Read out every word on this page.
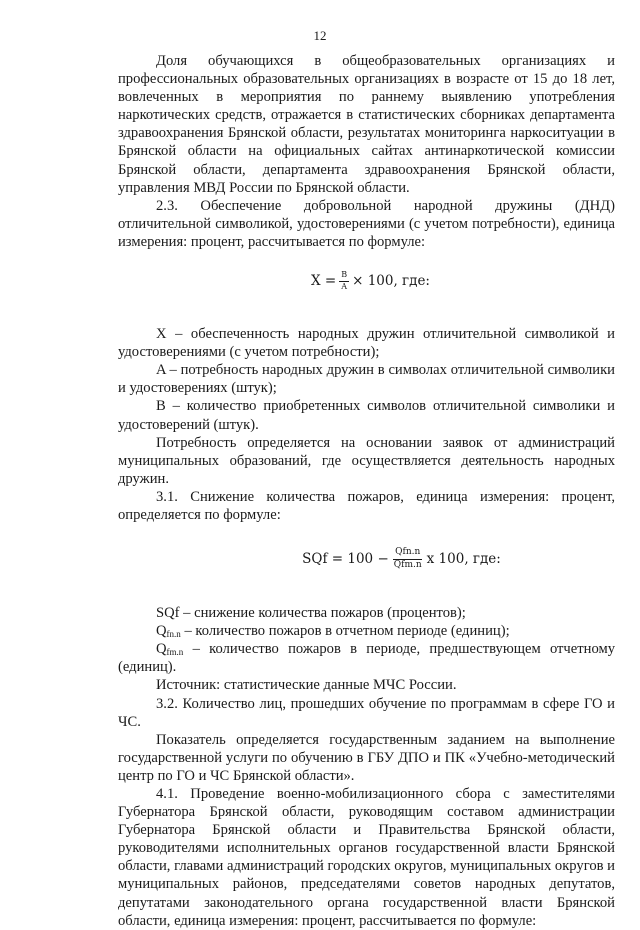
12

Доля обучающихся в общеобразовательных организациях и профессиональных образовательных организациях в возрасте от 15 до 18 лет, вовлеченных в мероприятия по раннему выявлению употребления наркотических средств, отражается в статистических сборниках департамента здравоохранения Брянской области, результатах мониторинга наркоситуации в Брянской области на официальных сайтах антинаркотической комиссии Брянской области, департамента здравоохранения Брянской области, управления МВД России по Брянской области.

2.3. Обеспечение добровольной народной дружины (ДНД) отличительной символикой, удостоверениями (с учетом потребности), единица измерения: процент, рассчитывается по формуле:

X
= $\frac{B}{A} \times 100$, где:

X – обеспеченность народных дружин отличительной символикой и удостоверениями (с учетом потребности);

A – потребность народных дружин в символах отличительной символики и удостоверениях (штук);

B – количество приобретенных символов отличительной символики и удостоверений (штук).

Потребность определяется на основании заявок от администраций муниципальных образований, где осуществляется деятельность народных дружин.

3.1. Снижение количества пожаров, единица измерения: процент, определяется по формуле:

SQf
=
100
− $\frac{\text{Qfn.n}}{\text{Qfm.n}}$ x 100, где:

SQf – снижение количества пожаров (процентов);

$Q_{fn.n}$ – количество пожаров в отчетном периоде (единиц);

$Q_{fm.n}$ – количество пожаров в периоде, предшествующем отчетному (единиц).

Источник: статистические данные МЧС России.

3.2. Количество лиц, прошедших обучение по программам в сфере ГО и ЧС.

Показатель определяется государственным заданием на выполнение государственной услуги по обучению в ГБУ ДПО и ПК «Учебно-методический центр по ГО и ЧС Брянской области».

4.1. Проведение военно-мобилизационного сбора с заместителями Губернатора Брянской области, руководящим составом администрации Губернатора Брянской области и Правительства Брянской области, руководителями исполнительных органов государственной власти Брянской области, главами администраций городских округов, муниципальных округов и муниципальных районов, председателями советов народных депутатов, депутатами законодательного органа государственной власти Брянской области, единица измерения: процент, рассчитывается по формуле:
